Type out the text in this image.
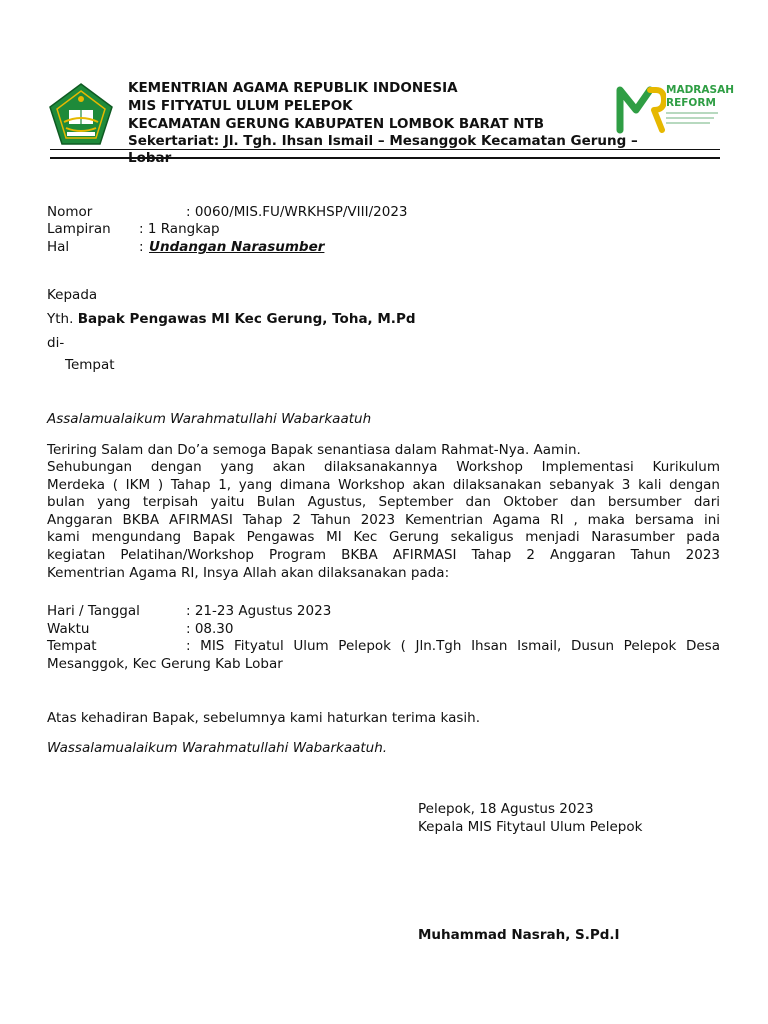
KEMENTRIAN AGAMA REPUBLIK INDONESIA
MIS FITYATUL ULUM PELEPOK
KECAMATAN GERUNG KABUPATEN LOMBOK BARAT NTB
Sekertariat: Jl. Tgh. Ihsan Ismail – Mesanggok Kecamatan Gerung –
Lobar
MADRASAH
REFORM
Nomor	: 0060/MIS.FU/WRKHSP/VIII/2023
Lampiran : 1 Rangkap
Hal	: Undangan Narasumber
Kepada
Yth. Bapak Pengawas MI Kec Gerung, Toha, M.Pd
di-
Tempat
Assalamualaikum Warahmatullahi Wabarkaatuh
Teriring Salam dan Do’a semoga Bapak senantiasa dalam Rahmat-Nya. Aamin.
Sehubungan dengan yang akan dilaksanakannya Workshop Implementasi Kurikulum
Merdeka ( IKM ) Tahap 1, yang dimana Workshop akan dilaksanakan sebanyak 3 kali dengan
bulan yang terpisah yaitu Bulan Agustus, September dan Oktober dan bersumber dari
Anggaran BKBA AFIRMASI Tahap 2 Tahun 2023 Kementrian Agama RI , maka bersama ini
kami mengundang Bapak Pengawas MI Kec Gerung sekaligus menjadi Narasumber pada
kegiatan Pelatihan/Workshop Program BKBA AFIRMASI Tahap 2 Anggaran Tahun 2023
Kementrian Agama RI, Insya Allah akan dilaksanakan pada:
Hari / Tanggal	: 21-23 Agustus 2023
Waktu	: 08.30
Tempat	: MIS Fityatul Ulum Pelepok ( Jln.Tgh Ihsan Ismail, Dusun Pelepok Desa
Mesanggok, Kec Gerung Kab Lobar
Atas kehadiran Bapak, sebelumnya kami haturkan terima kasih.
Wassalamualaikum Warahmatullahi Wabarkaatuh.
Pelepok, 18 Agustus 2023
Kepala MIS Fitytaul Ulum Pelepok
Muhammad Nasrah, S.Pd.I
